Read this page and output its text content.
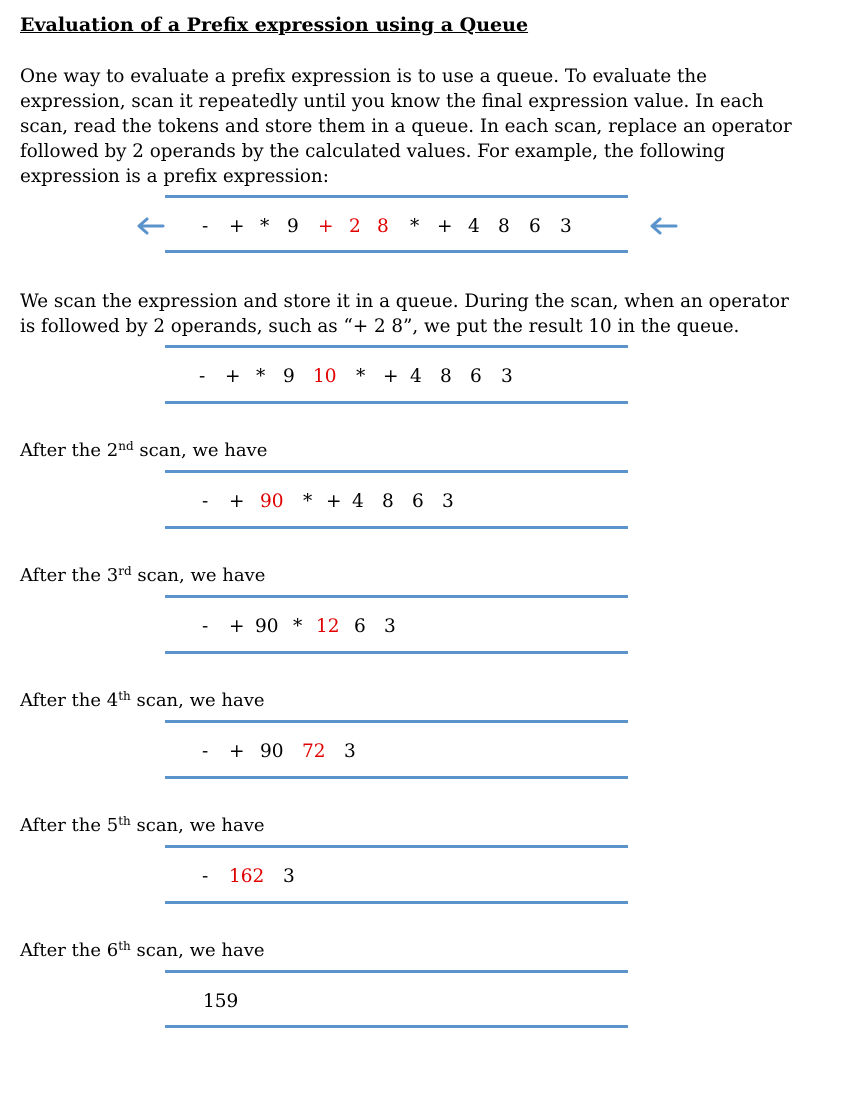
Evaluation of a Prefix expression using a Queue

One way to evaluate a prefix expression is to use a queue. To evaluate the
expression, scan it repeatedly until you know the final expression value. In each
scan, read the tokens and store them in a queue. In each scan, replace an operator
followed by 2 operands by the calculated values. For example, the following
expression is a prefix expression:

- + * 9 + 2 8 * + 4 8 6 3

We scan the expression and store it in a queue. During the scan, when an operator
is followed by 2 operands, such as “+ 2 8”, we put the result 10 in the queue.

- + * 9 10 * + 4 8 6 3
After the 2nd scan, we have
- + 90 * + 4 8 6 3
After the 3rd scan, we have
- + 90 * 12 6 3
After the 4th scan, we have
- + 90 72 3
After the 5th scan, we have
- 162 3
After the 6th scan, we have
159
